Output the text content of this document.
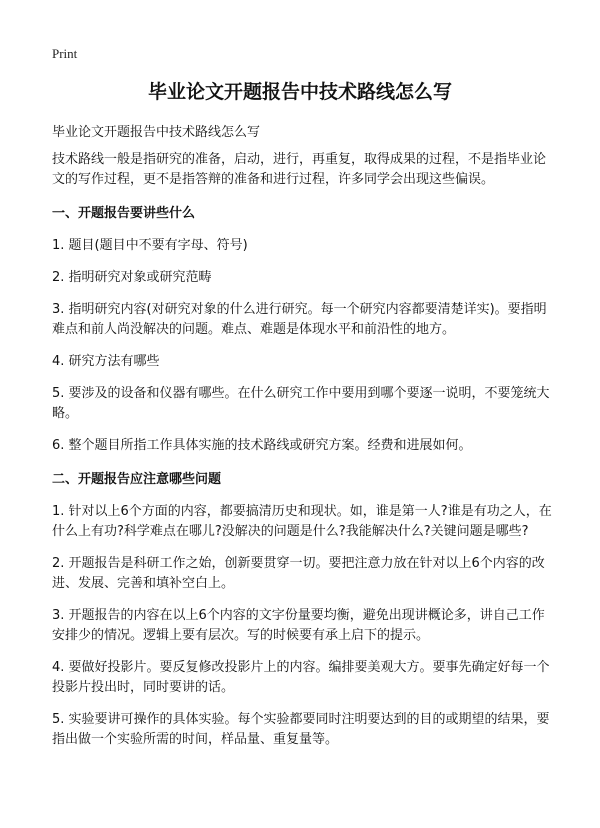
Print
毕业论文开题报告中技术路线怎么写

毕业论文开题报告中技术路线怎么写

技术路线一般是指研究的准备，启动，进行，再重复，取得成果的过程，不是指毕业论文的写作过程，更不是指答辩的准备和进行过程，许多同学会出现这些偏误。

一、开题报告要讲些什么

1. 题目(题目中不要有字母、符号)

2. 指明研究对象或研究范畴

3. 指明研究内容(对研究对象的什么进行研究。每一个研究内容都要清楚详实)。要指明难点和前人尚没解决的问题。难点、难题是体现水平和前沿性的地方。

4. 研究方法有哪些

5. 要涉及的设备和仪器有哪些。在什么研究工作中要用到哪个要逐一说明，不要笼统大略。

6. 整个题目所指工作具体实施的技术路线或研究方案。经费和进展如何。

二、开题报告应注意哪些问题

1. 针对以上6个方面的内容，都要搞清历史和现状。如，谁是第一人?谁是有功之人，在什么上有功?科学难点在哪儿?没解决的问题是什么?我能解决什么?关键问题是哪些?

2. 开题报告是科研工作之始，创新要贯穿一切。要把注意力放在针对以上6个内容的改进、发展、完善和填补空白上。

3. 开题报告的内容在以上6个内容的文字份量要均衡，避免出现讲概论多，讲自己工作安排少的情况。逻辑上要有层次。写的时候要有承上启下的提示。

4. 要做好投影片。要反复修改投影片上的内容。编排要美观大方。要事先确定好每一个投影片投出时，同时要讲的话。

5. 实验要讲可操作的具体实验。每个实验都要同时注明要达到的目的或期望的结果，要指出做一个实验所需的时间，样品量、重复量等。
